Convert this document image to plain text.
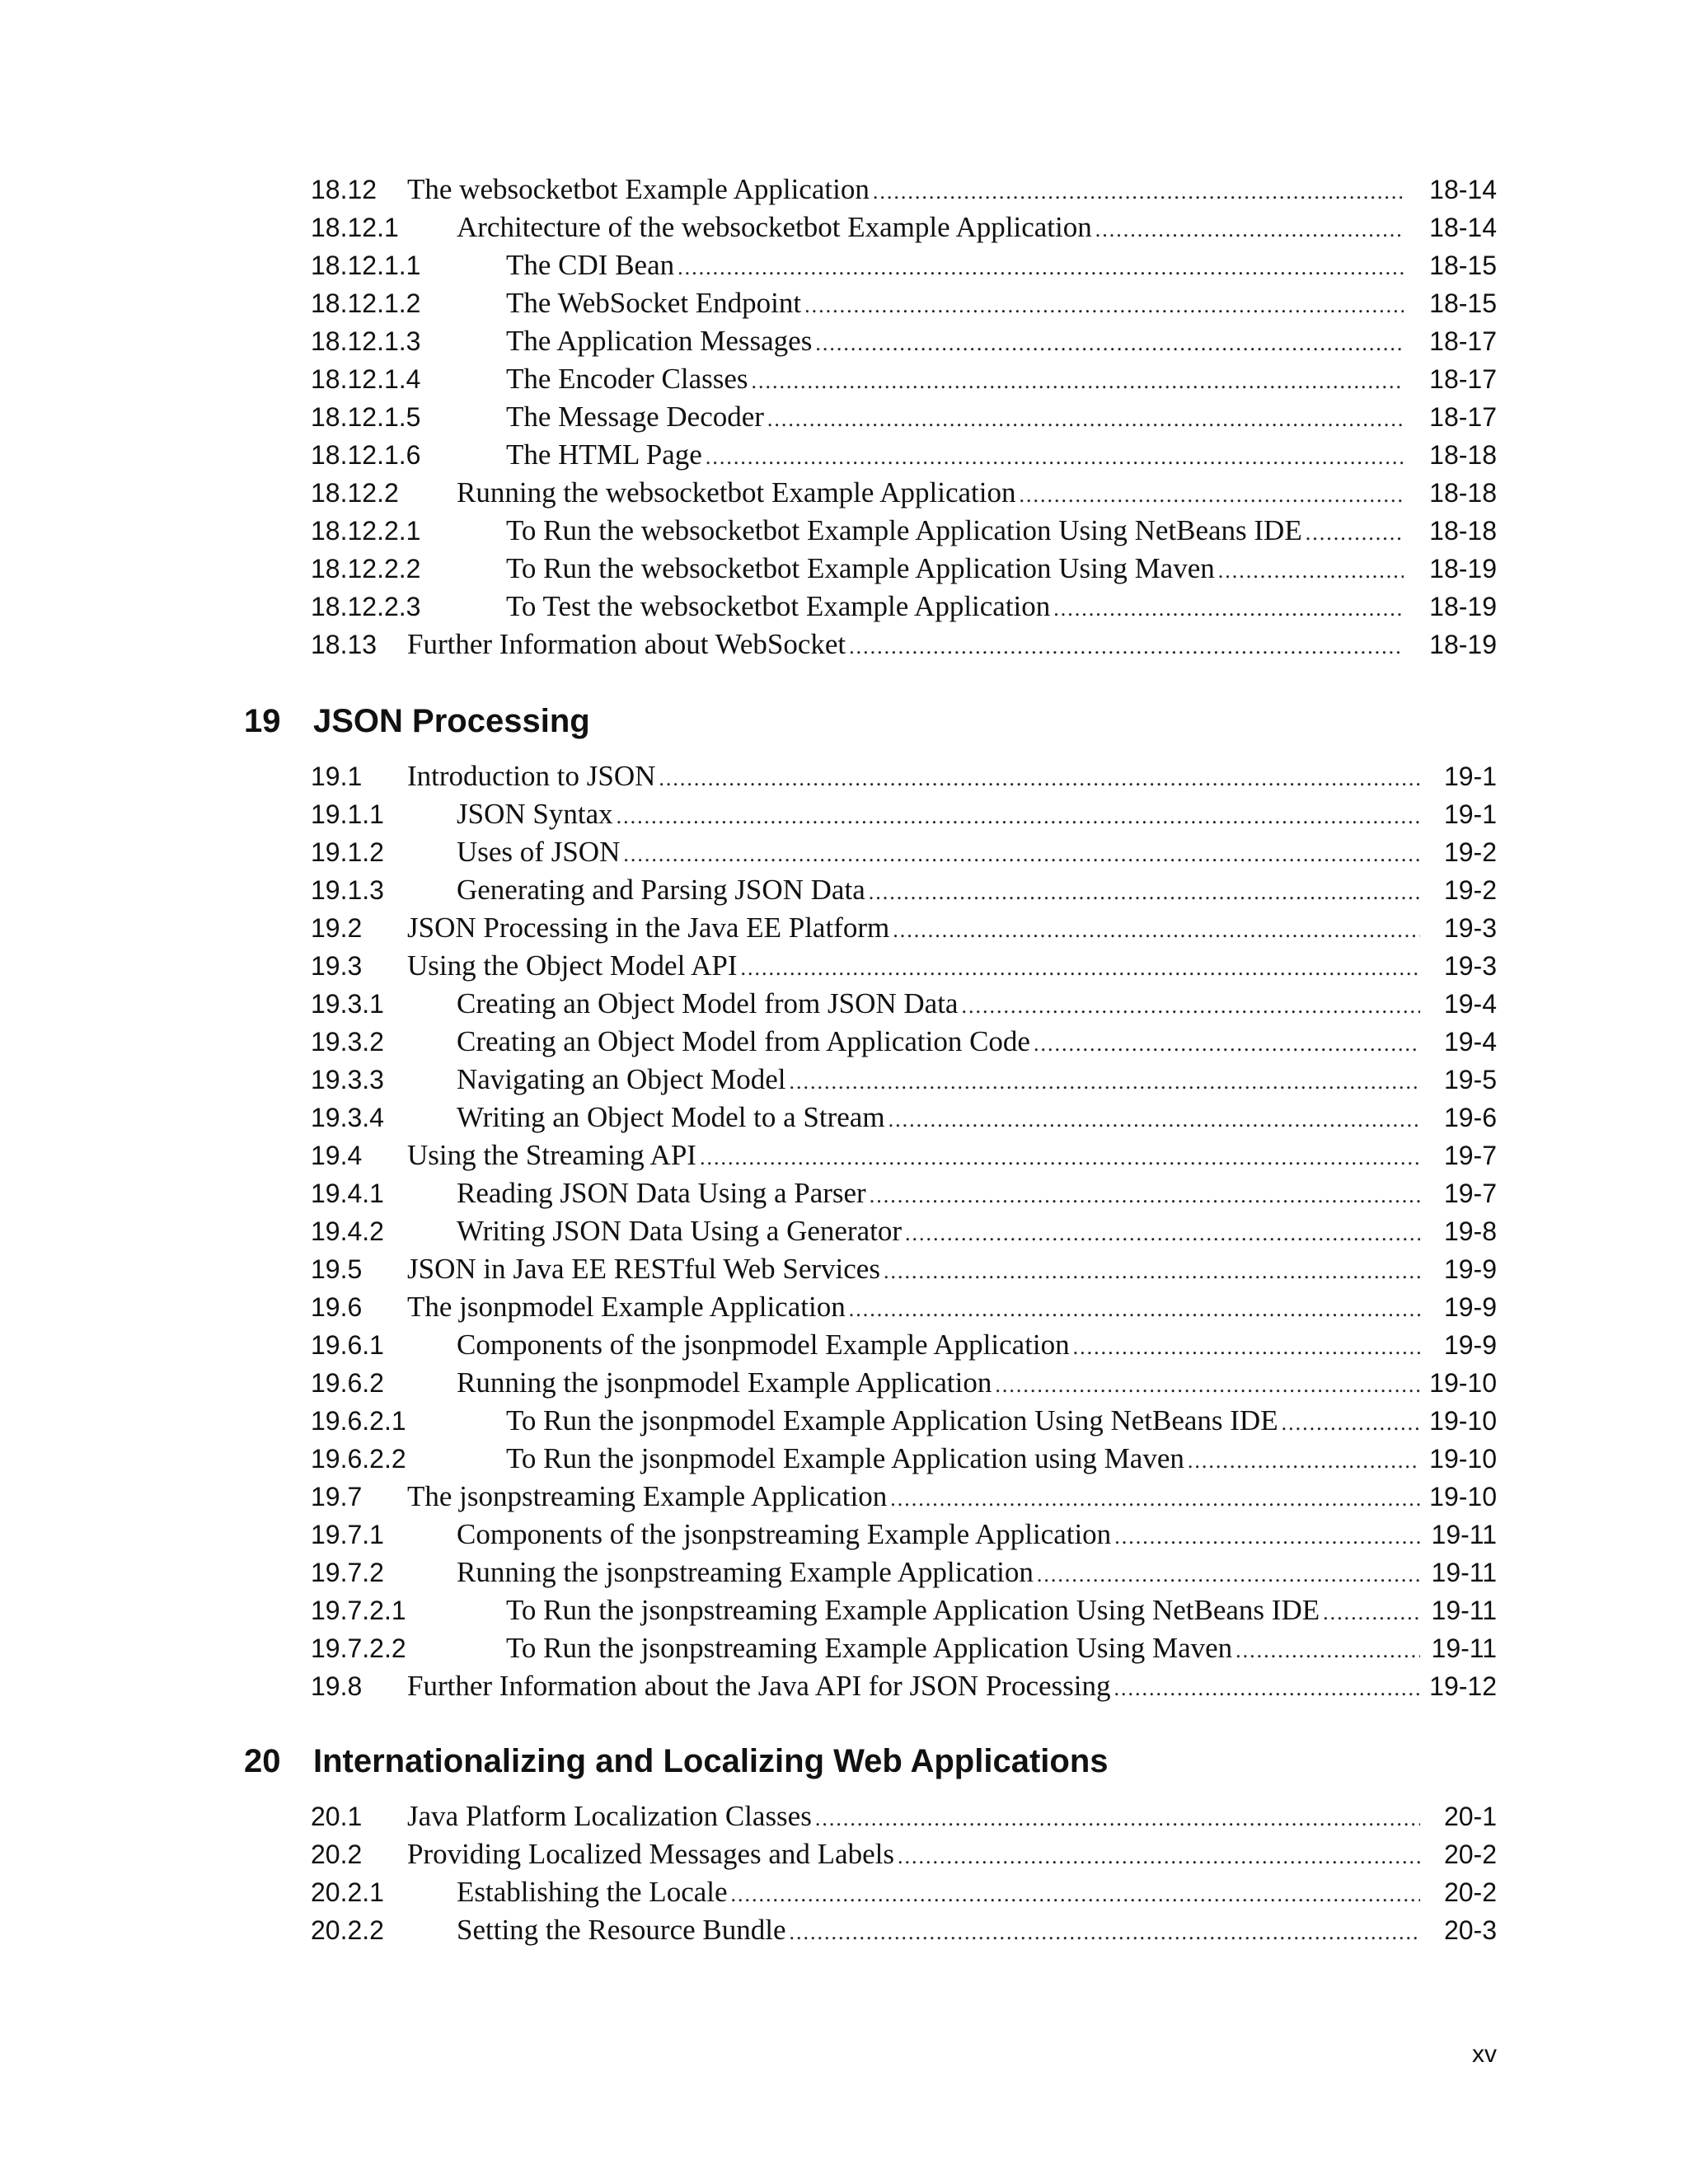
18.12 The websocketbot Example Application .....	18-14
18.12.1 Architecture of the websocketbot Example Application .....	18-14
18.12.1.1	The CDI Bean .....	18-15
18.12.1.2	The WebSocket Endpoint .....	18-15
18.12.1.3	The Application Messages .....	18-17
18.12.1.4	The Encoder Classes .....	18-17
18.12.1.5	The Message Decoder .....	18-17
18.12.1.6	The HTML Page .....	18-18
18.12.2 Running the websocketbot Example Application .....	18-18
18.12.2.1	To Run the websocketbot Example Application Using NetBeans IDE .....	18-18
18.12.2.2	To Run the websocketbot Example Application Using Maven .....	18-19
18.12.2.3	To Test the websocketbot Example Application .....	18-19
18.13 Further Information about WebSocket .....	18-19
19 JSON Processing
19.1 Introduction to JSON .....	19-1
19.1.1	JSON Syntax .....	19-1
19.1.2	Uses of JSON .....	19-2
19.1.3	Generating and Parsing JSON Data .....	19-2
19.2 JSON Processing in the Java EE Platform .....	19-3
19.3 Using the Object Model API .....	19-3
19.3.1	Creating an Object Model from JSON Data .....	19-4
19.3.2	Creating an Object Model from Application Code .....	19-4
19.3.3	Navigating an Object Model .....	19-5
19.3.4	Writing an Object Model to a Stream .....	19-6
19.4 Using the Streaming API .....	19-7
19.4.1	Reading JSON Data Using a Parser .....	19-7
19.4.2	Writing JSON Data Using a Generator .....	19-8
19.5 JSON in Java EE RESTful Web Services .....	19-9
19.6 The jsonpmodel Example Application .....	19-9
19.6.1	Components of the jsonpmodel Example Application .....	19-9
19.6.2	Running the jsonpmodel Example Application .....	19-10
19.6.2.1	To Run the jsonpmodel Example Application Using NetBeans IDE .....	19-10
19.6.2.2	To Run the jsonpmodel Example Application using Maven .....	19-10
19.7 The jsonpstreaming Example Application .....	19-10
19.7.1	Components of the jsonpstreaming Example Application .....	19-11
19.7.2	Running the jsonpstreaming Example Application .....	19-11
19.7.2.1	To Run the jsonpstreaming Example Application Using NetBeans IDE .....	19-11
19.7.2.2	To Run the jsonpstreaming Example Application Using Maven .....	19-11
19.8 Further Information about the Java API for JSON Processing .....	19-12
20 Internationalizing and Localizing Web Applications
20.1 Java Platform Localization Classes .....	20-1
20.2 Providing Localized Messages and Labels .....	20-2
20.2.1	Establishing the Locale .....	20-2
20.2.2	Setting the Resource Bundle .....	20-3
xv
